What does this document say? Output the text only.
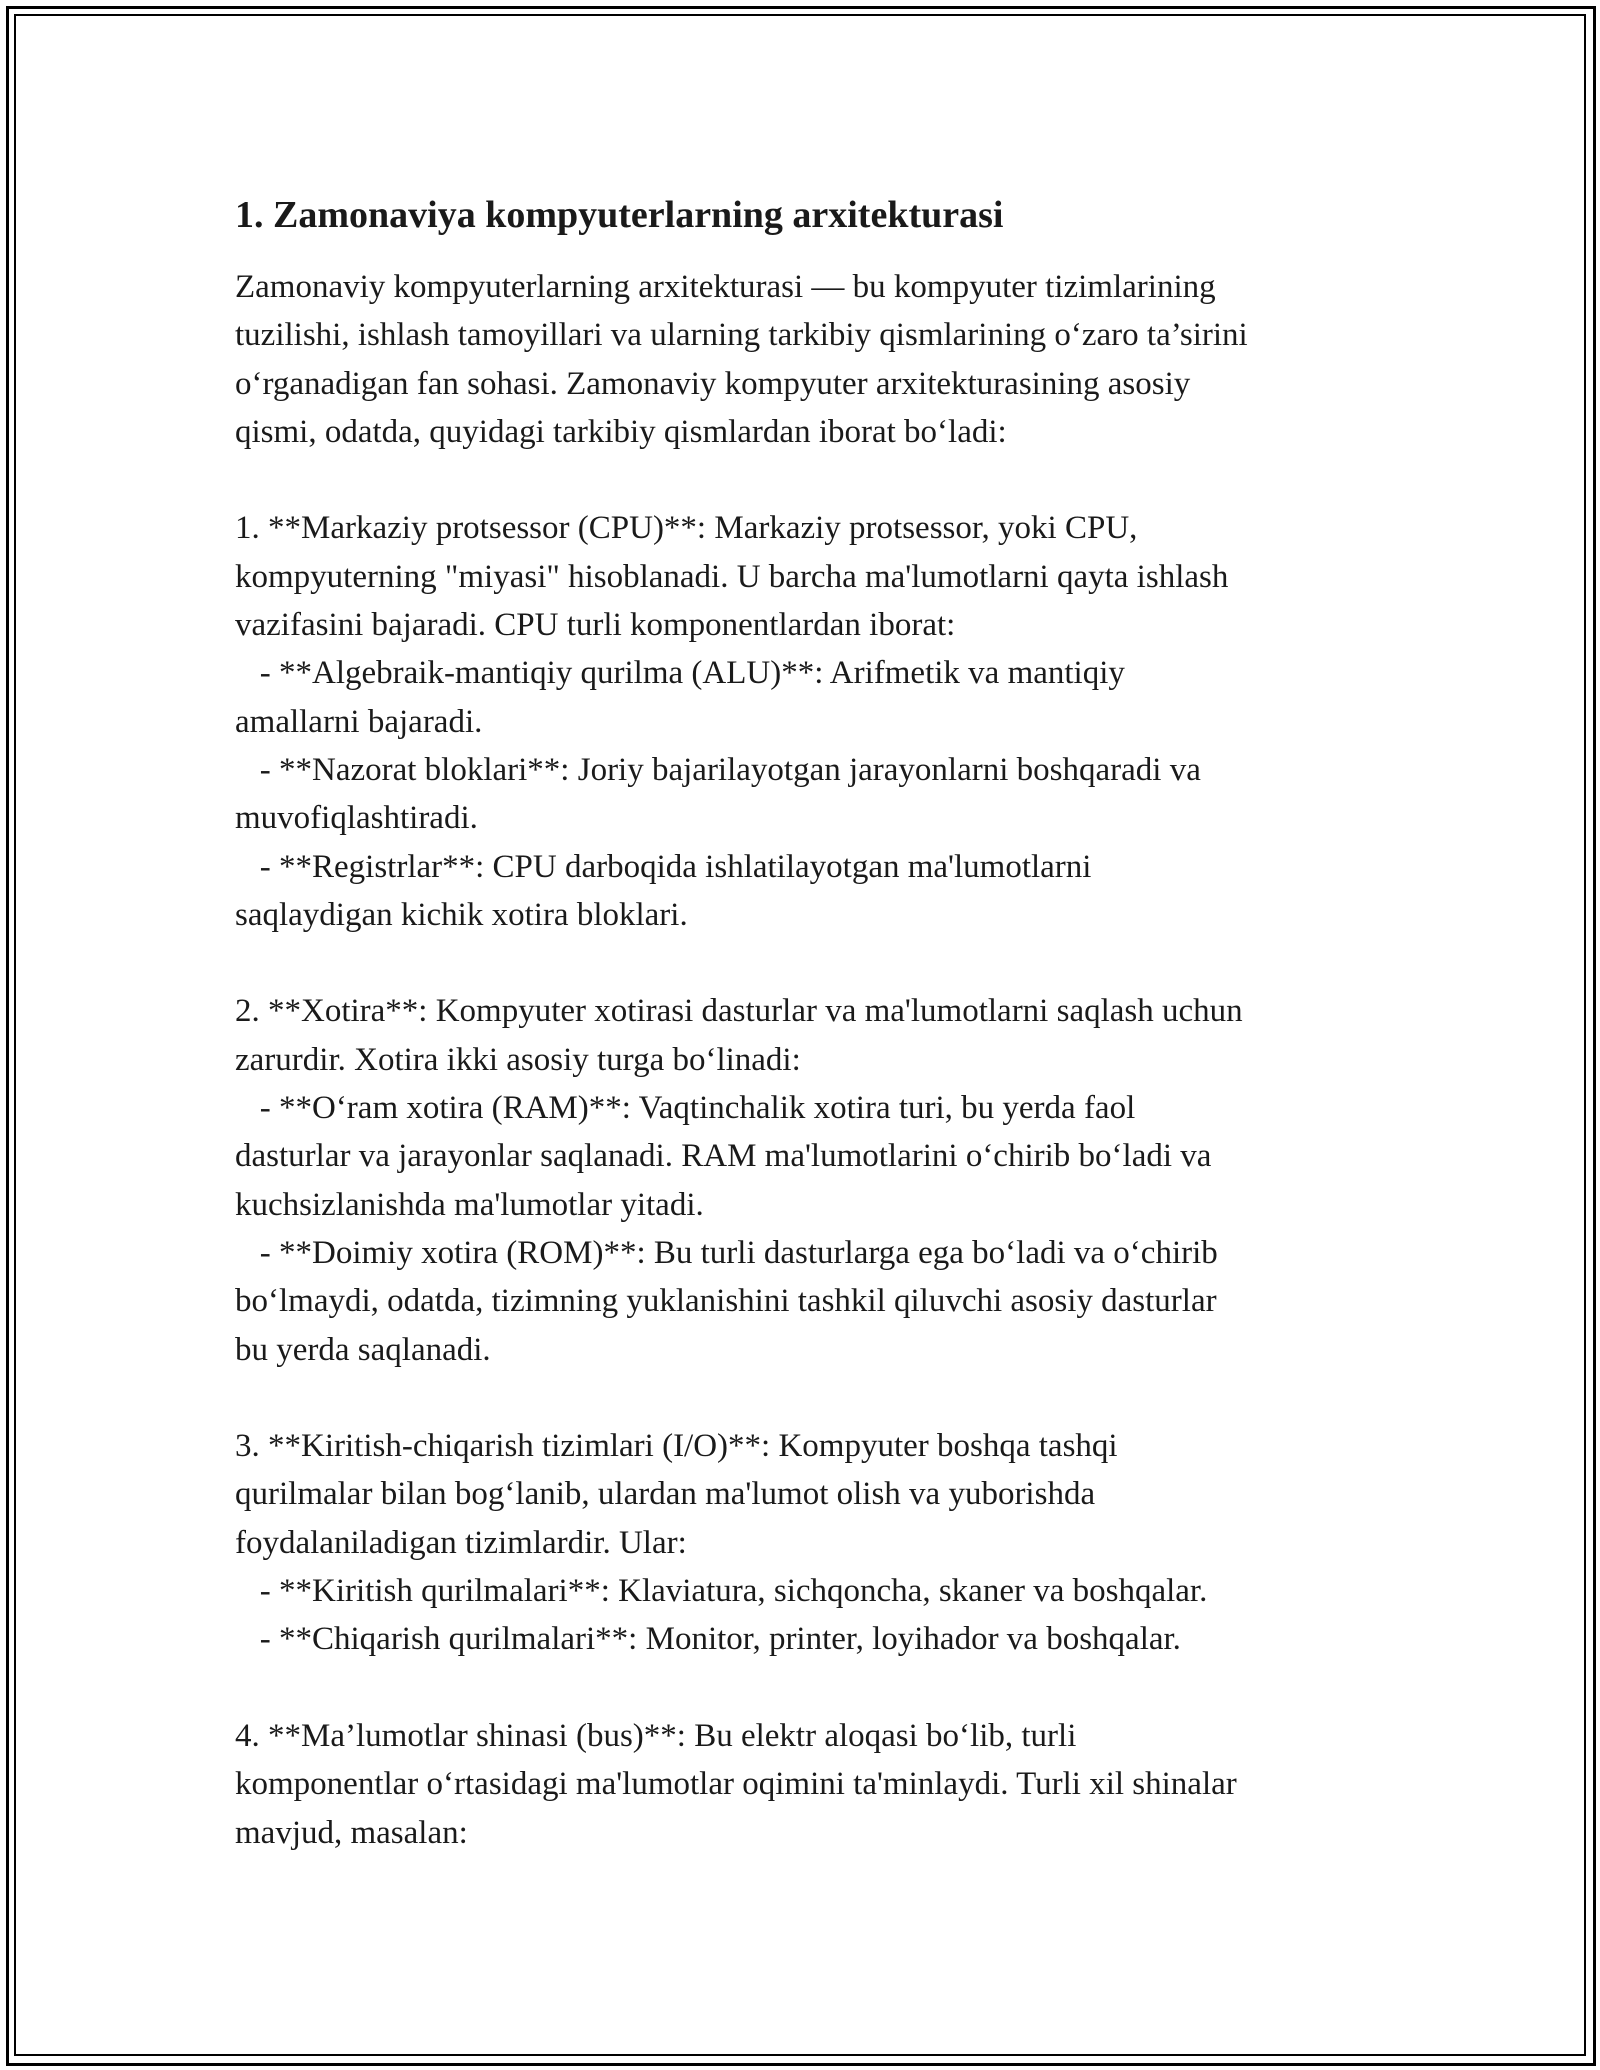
1. Zamonaviya kompyuterlarning arxitekturasi
Zamonaviy kompyuterlarning arxitekturasi — bu kompyuter tizimlarining
tuzilishi, ishlash tamoyillari va ularning tarkibiy qismlarining o‘zaro ta’sirini
o‘rganadigan fan sohasi. Zamonaviy kompyuter arxitekturasining asosiy
qismi, odatda, quyidagi tarkibiy qismlardan iborat bo‘ladi:
1. **Markaziy protsessor (CPU)**: Markaziy protsessor, yoki CPU,
kompyuterning "miyasi" hisoblanadi. U barcha ma'lumotlarni qayta ishlash
vazifasini bajaradi. CPU turli komponentlardan iborat:
- **Algebraik-mantiqiy qurilma (ALU)**: Arifmetik va mantiqiy
amallarni bajaradi.
- **Nazorat bloklari**: Joriy bajarilayotgan jarayonlarni boshqaradi va
muvofiqlashtiradi.
- **Registrlar**: CPU darboqida ishlatilayotgan ma'lumotlarni
saqlaydigan kichik xotira bloklari.
2. **Xotira**: Kompyuter xotirasi dasturlar va ma'lumotlarni saqlash uchun
zarurdir. Xotira ikki asosiy turga bo‘linadi:
- **O‘ram xotira (RAM)**: Vaqtinchalik xotira turi, bu yerda faol
dasturlar va jarayonlar saqlanadi. RAM ma'lumotlarini o‘chirib bo‘ladi va
kuchsizlanishda ma'lumotlar yitadi.
- **Doimiy xotira (ROM)**: Bu turli dasturlarga ega bo‘ladi va o‘chirib
bo‘lmaydi, odatda, tizimning yuklanishini tashkil qiluvchi asosiy dasturlar
bu yerda saqlanadi.
3. **Kiritish-chiqarish tizimlari (I/O)**: Kompyuter boshqa tashqi
qurilmalar bilan bog‘lanib, ulardan ma'lumot olish va yuborishda
foydalaniladigan tizimlardir. Ular:
- **Kiritish qurilmalari**: Klaviatura, sichqoncha, skaner va boshqalar.
- **Chiqarish qurilmalari**: Monitor, printer, loyihador va boshqalar.
4. **Ma’lumotlar shinasi (bus)**: Bu elektr aloqasi bo‘lib, turli
komponentlar o‘rtasidagi ma'lumotlar oqimini ta'minlaydi. Turli xil shinalar
mavjud, masalan:
